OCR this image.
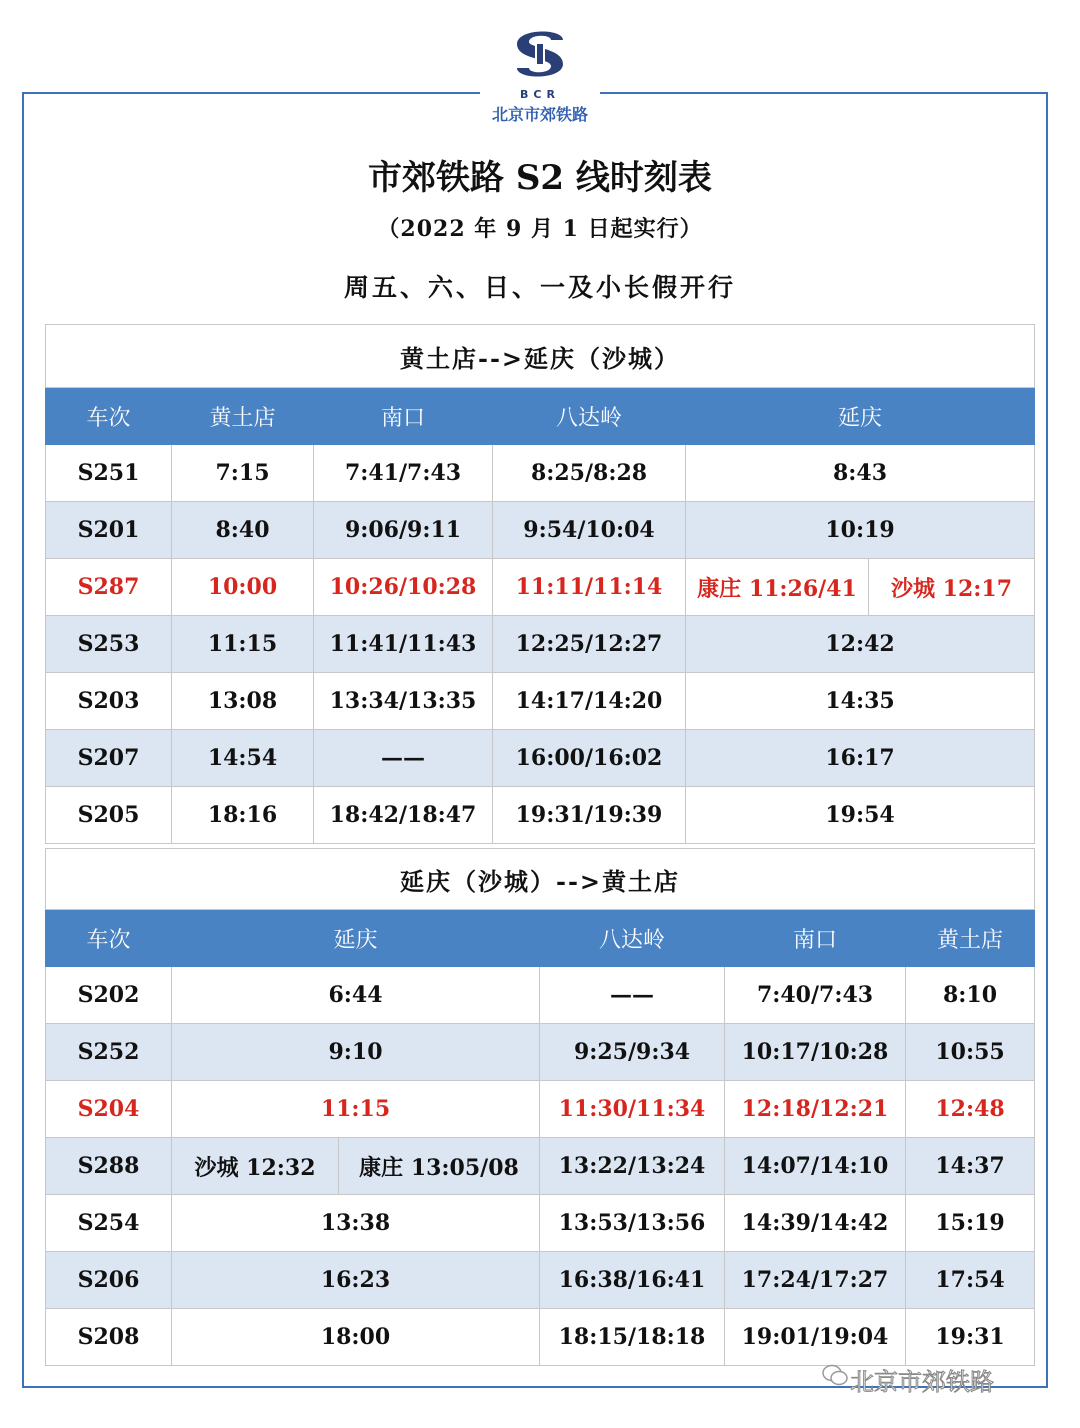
BCR
北京市郊铁路
市郊铁路 S2 线时刻表
（2022 年 9 月 1 日起实行）
周五、六、日、一及小长假开行
黄土店-->延庆（沙城）					
车次	黄土店	南口	八达岭	延庆	
S251	7:15	7:41/7:43	8:25/8:28	8:43	
S201	8:40	9:06/9:11	9:54/10:04	10:19	
S287	10:00	10:26/10:28	11:11/11:14	康庄 11:26/41	沙城 12:17
S253	11:15	11:41/11:43	12:25/12:27	12:42	
S203	13:08	13:34/13:35	14:17/14:20	14:35	
S207	14:54	——	16:00/16:02	16:17	
S205	18:16	18:42/18:47	19:31/19:39	19:54	
延庆（沙城）-->黄土店					
车次	延庆		八达岭	南口	黄土店
S202	6:44		——	7:40/7:43	8:10
S252	9:10		9:25/9:34	10:17/10:28	10:55
S204	11:15		11:30/11:34	12:18/12:21	12:48
S288	沙城 12:32	康庄 13:05/08	13:22/13:24	14:07/14:10	14:37
S254	13:38		13:53/13:56	14:39/14:42	15:19
S206	16:23		16:38/16:41	17:24/17:27	17:54
S208	18:00		18:15/18:18	19:01/19:04	19:31
北京市郊铁路
